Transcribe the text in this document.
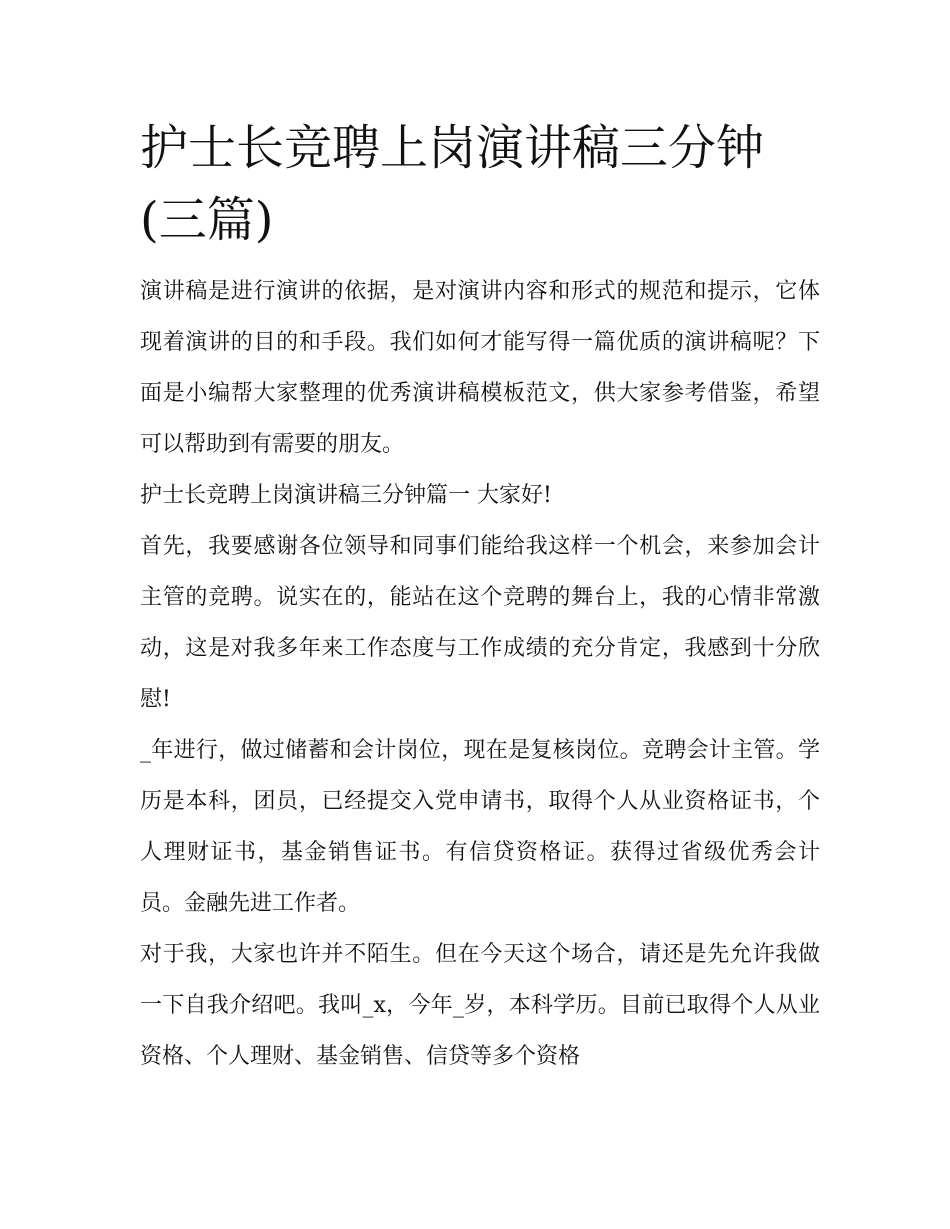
护士长竞聘上岗演讲稿三分钟(三篇)

演讲稿是进行演讲的依据，是对演讲内容和形式的规范和提示，它体现着演讲的目的和手段。我们如何才能写得一篇优质的演讲稿呢？下面是小编帮大家整理的优秀演讲稿模板范文，供大家参考借鉴，希望可以帮助到有需要的朋友。

护士长竞聘上岗演讲稿三分钟篇一 大家好!

首先，我要感谢各位领导和同事们能给我这样一个机会，来参加会计主管的竞聘。说实在的，能站在这个竞聘的舞台上，我的心情非常激动，这是对我多年来工作态度与工作成绩的充分肯定，我感到十分欣慰!

_年进行，做过储蓄和会计岗位，现在是复核岗位。竞聘会计主管。学历是本科，团员，已经提交入党申请书，取得个人从业资格证书，个人理财证书，基金销售证书。有信贷资格证。获得过省级优秀会计员。金融先进工作者。

对于我，大家也许并不陌生。但在今天这个场合，请还是先允许我做一下自我介绍吧。我叫_x，今年_岁，本科学历。目前已取得个人从业资格、个人理财、基金销售、信贷等多个资格
